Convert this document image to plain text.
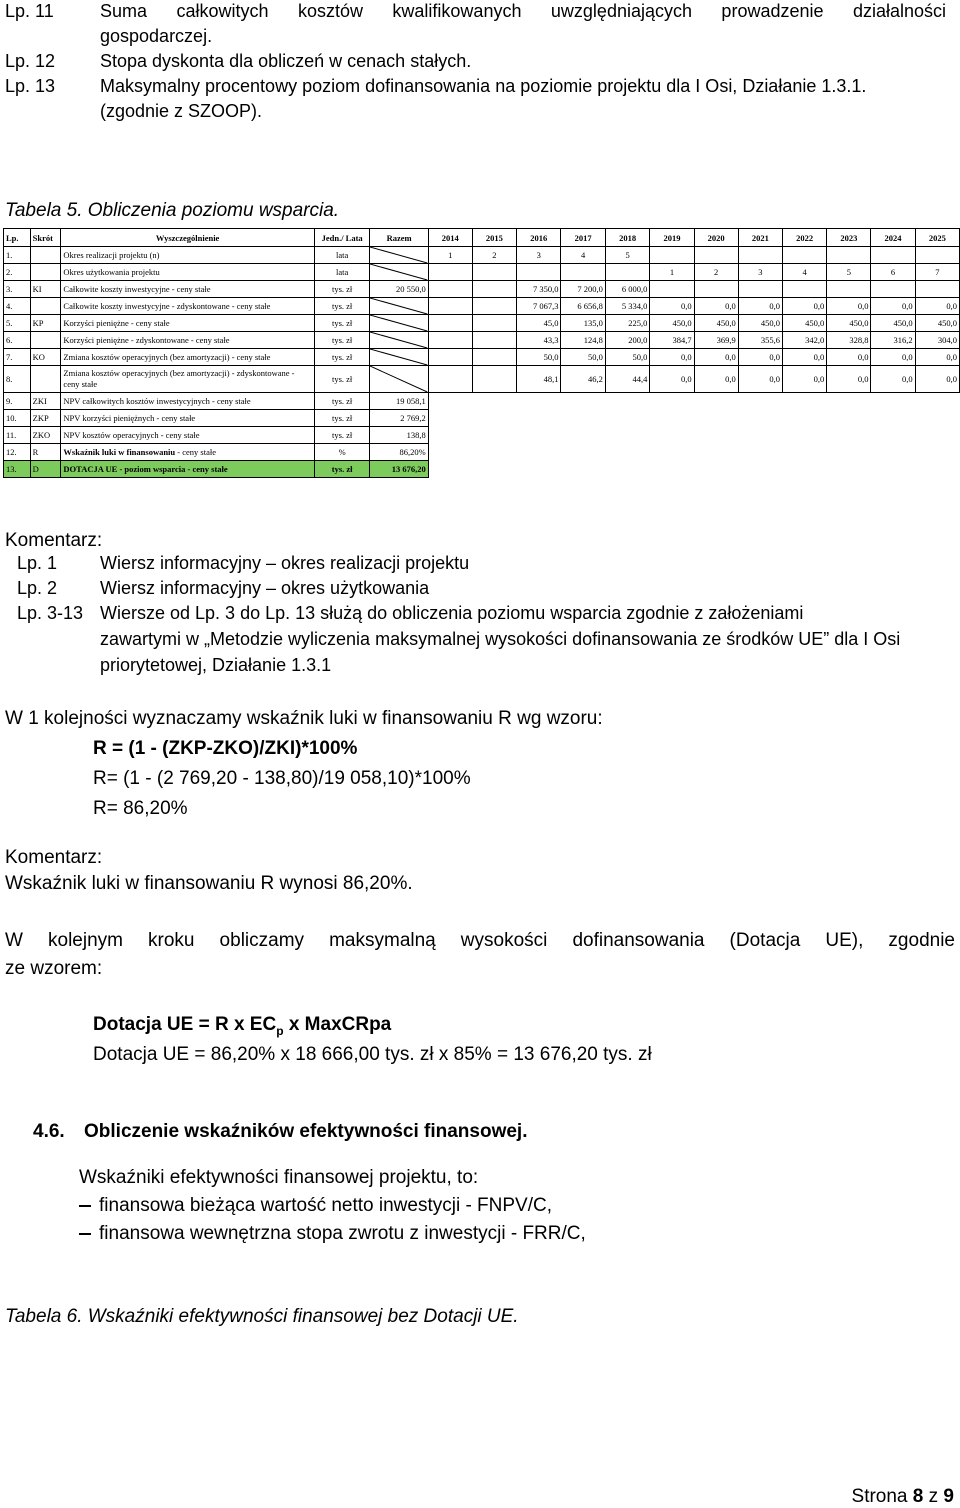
Lp. 11	Suma całkowitych kosztów kwalifikowanych uwzględniających prowadzenie działalności
gospodarczej.
Lp. 12 Stopa dyskonta dla obliczeń w cenach stałych.
Lp. 13 Maksymalny procentowy poziom dofinansowania na poziomie projektu dla I Osi, Działanie 1.3.1.
(zgodnie z SZOOP).
Tabela 5. Obliczenia poziomu wsparcia.
Lp.	Skrót	Wyszczególnienie	Jedn./ Lata	Razem	2014	2015	2016	2017	2018	2019	2020	2021	2022	2023	2024	2025
1.		Okres realizacji projektu (n)	lata		1	2	3	4	5							
2.		Okres użytkowania projektu	lata							1	2	3	4	5	6	7
3.	KI	Całkowite koszty inwestycyjne - ceny stałe	tys. zł	20 550,0			7 350,0	7 200,0	6 000,0							
4.		Całkowite koszty inwestycyjne - zdyskontowane - ceny stałe	tys. zł				7 067,3	6 656,8	5 334,0	0,0	0,0	0,0	0,0	0,0	0,0	0,0
5.	KP	Korzyści pieniężne - ceny stałe	tys. zł				45,0	135,0	225,0	450,0	450,0	450,0	450,0	450,0	450,0	450,0
6.		Korzyści pieniężne - zdyskontowane - ceny stałe	tys. zł				43,3	124,8	200,0	384,7	369,9	355,6	342,0	328,8	316,2	304,0
7.	KO	Zmiana kosztów operacyjnych (bez amortyzacji) - ceny stałe	tys. zł				50,0	50,0	50,0	0,0	0,0	0,0	0,0	0,0	0,0	0,0
8.		Zmiana kosztów operacyjnych (bez amortyzacji) - zdyskontowane - ceny stałe	tys. zł				48,1	46,2	44,4	0,0	0,0	0,0	0,0	0,0	0,0	0,0
9.	ZKI	NPV całkowitych kosztów inwestycyjnych - ceny stałe	tys. zł	19 058,1												
10.	ZKP	NPV korzyści pieniężnych - ceny stałe	tys. zł	2 769,2												
11.	ZKO	NPV kosztów operacyjnych - ceny stałe	tys. zł	138,8												
12.	R	Wskaźnik luki w finansowaniu - ceny stałe	%	86,20%												
13.	D	DOTACJA UE - poziom wsparcia - ceny stałe	tys. zł	13 676,20												
Komentarz:
Lp. 1 Wiersz informacyjny – okres realizacji projektu
Lp. 2 Wiersz informacyjny – okres użytkowania
Lp. 3-13 Wiersze od Lp. 3 do Lp. 13 służą do obliczenia poziomu wsparcia zgodnie z założeniami
zawartymi w „Metodzie wyliczenia maksymalnej wysokości dofinansowania ze środków UE” dla I Osi
priorytetowej, Działanie 1.3.1
W 1 kolejności wyznaczamy wskaźnik luki w finansowaniu R wg wzoru:
R = (1 - (ZKP-ZKO)/ZKI)*100%
R= (1 - (2 769,20 - 138,80)/19 058,10)*100%
R= 86,20%
Komentarz:
Wskaźnik luki w finansowaniu R wynosi 86,20%.
W kolejnym kroku obliczamy maksymalną wysokości dofinansowania (Dotacja UE), zgodnie
ze wzorem:
Dotacja UE = R x $EC_p$ x MaxCRpa
Dotacja UE = 86,20% x 18 666,00 tys. zł x 85% = 13 676,20 tys. zł
4.6. Obliczenie wskaźników efektywności finansowej.
Wskaźniki efektywności finansowej projektu, to:
finansowa bieżąca wartość netto inwestycji - FNPV/C,
finansowa wewnętrzna stopa zwrotu z inwestycji - FRR/C,
Tabela 6. Wskaźniki efektywności finansowej bez Dotacji UE.
Strona 8 z 9
